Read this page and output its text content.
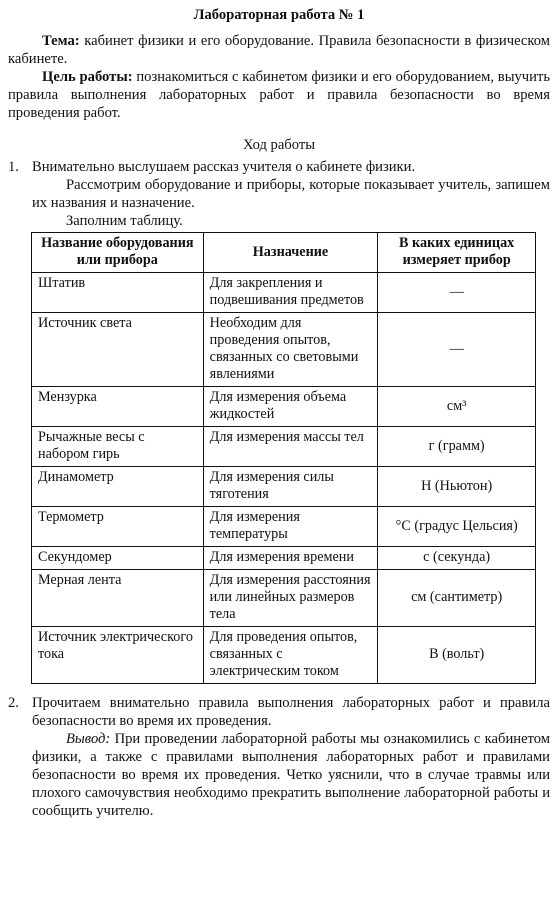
Лабораторная работа № 1

Тема: кабинет физики и его оборудование. Правила безопасности в физическом кабинете.

Цель работы: познакомиться с кабинетом физики и его оборудованием, выучить правила выполнения лабораторных работ и правила безопасности во время проведения работ.

Ход работы
1. Внимательно выслушаем рассказ учителя о кабинете физики.

Рассмотрим оборудование и приборы, которые показывает учитель, запишем их названия и назначение.

Заполним таблицу.

Название оборудования или прибора	Назначение	В каких единицах измеряет прибор
Штатив	Для закрепления и подвешивания предметов	—
Источник света	Необходим для проведения опытов, связанных со световыми явлениями	—
Мензурка	Для измерения объема жидкостей	см³
Рычажные весы с набором гирь	Для измерения массы тел	г (грамм)
Динамометр	Для измерения силы тяготения	Н (Ньютон)
Термометр	Для измерения температуры	°С (градус Цельсия)
Секундомер	Для измерения времени	с (секунда)
Мерная лента	Для измерения расстояния или линейных размеров тела	см (сантиметр)
Источник электрического тока	Для проведения опытов, связанных с электрическим током	В (вольт)
2. Прочитаем внимательно правила выполнения лабораторных работ и правила безопасности во время их проведения.

Вывод: При проведении лабораторной работы мы ознакомились с кабинетом физики, а также с правилами выполнения лабораторных работ и правилами безопасности во время их проведения. Четко уяснили, что в случае травмы или плохого самочувствия необходимо прекратить выполнение лабораторной работы и сообщить учителю.
